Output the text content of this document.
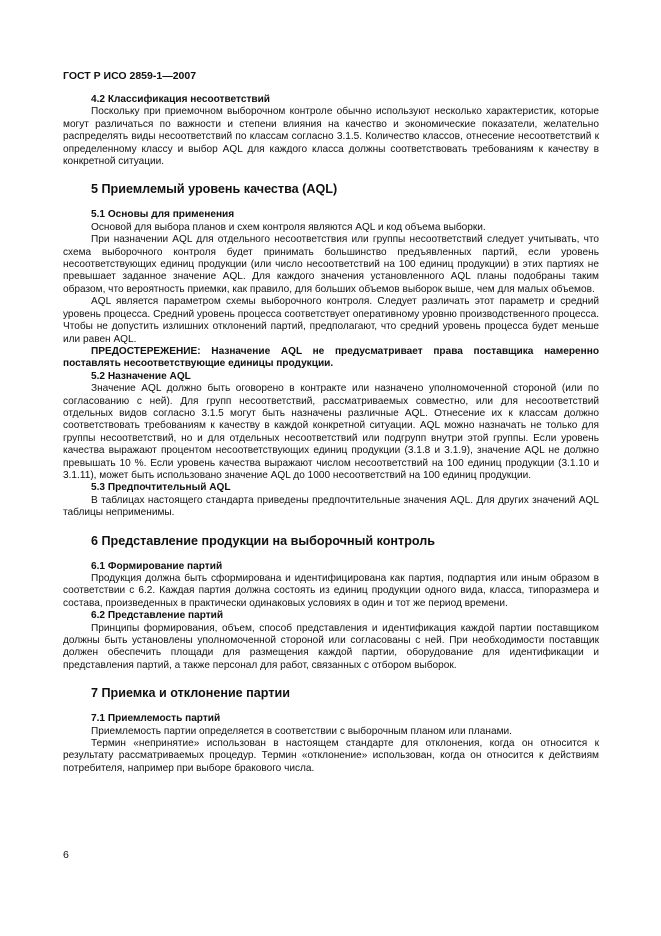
ГОСТ Р ИСО 2859-1—2007

4.2 Классификация несоответствий

Поскольку при приемочном выборочном контроле обычно используют несколько характеристик, которые могут различаться по важности и степени влияния на качество и экономические показатели, желательно распределять виды несоответствий по классам согласно 3.1.5. Количество классов, отнесение несоответствий к определенному классу и выбор AQL для каждого класса должны соответствовать требованиям к качеству в конкретной ситуации.

5 Приемлемый уровень качества (AQL)

5.1 Основы для применения

Основой для выбора планов и схем контроля являются AQL и код объема выборки.

При назначении AQL для отдельного несоответствия или группы несоответствий следует учитывать, что схема выборочного контроля будет принимать большинство предъявленных партий, если уровень несоответствующих единиц продукции (или число несоответствий на 100 единиц продукции) в этих партиях не превышает заданное значение AQL. Для каждого значения установленного AQL планы подобраны таким образом, что вероятность приемки, как правило, для больших объемов выборок выше, чем для малых объемов.

AQL является параметром схемы выборочного контроля. Следует различать этот параметр и средний уровень процесса. Средний уровень процесса соответствует оперативному уровню производственного процесса. Чтобы не допустить излишних отклонений партий, предполагают, что средний уровень процесса будет меньше или равен AQL.

ПРЕДОСТЕРЕЖЕНИЕ: Назначение AQL не предусматривает права поставщика намеренно поставлять несоответствующие единицы продукции.

5.2 Назначение AQL

Значение AQL должно быть оговорено в контракте или назначено уполномоченной стороной (или по согласованию с ней). Для групп несоответствий, рассматриваемых совместно, или для несоответствий отдельных видов согласно 3.1.5 могут быть назначены различные AQL. Отнесение их к классам должно соответствовать требованиям к качеству в каждой конкретной ситуации. AQL можно назначать не только для группы несоответствий, но и для отдельных несоответствий или подгрупп внутри этой группы. Если уровень качества выражают процентом несоответствующих единиц продукции (3.1.8 и 3.1.9), значение AQL не должно превышать 10 %. Если уровень качества выражают числом несоответствий на 100 единиц продукции (3.1.10 и 3.1.11), может быть использовано значение AQL до 1000 несоответствий на 100 единиц продукции.

5.3 Предпочтительный AQL

В таблицах настоящего стандарта приведены предпочтительные значения AQL. Для других значений AQL таблицы неприменимы.

6 Представление продукции на выборочный контроль

6.1 Формирование партий

Продукция должна быть сформирована и идентифицирована как партия, подпартия или иным образом в соответствии с 6.2. Каждая партия должна состоять из единиц продукции одного вида, класса, типоразмера и состава, произведенных в практически одинаковых условиях в один и тот же период времени.

6.2 Представление партий

Принципы формирования, объем, способ представления и идентификация каждой партии поставщиком должны быть установлены уполномоченной стороной или согласованы с ней. При необходимости поставщик должен обеспечить площади для размещения каждой партии, оборудование для идентификации и представления партий, а также персонал для работ, связанных с отбором выборок.

7 Приемка и отклонение партии

7.1 Приемлемость партий

Приемлемость партии определяется в соответствии с выборочным планом или планами.

Термин «непринятие» использован в настоящем стандарте для отклонения, когда он относится к результату рассматриваемых процедур. Термин «отклонение» использован, когда он относится к действиям потребителя, например при выборе бракового числа.

6
